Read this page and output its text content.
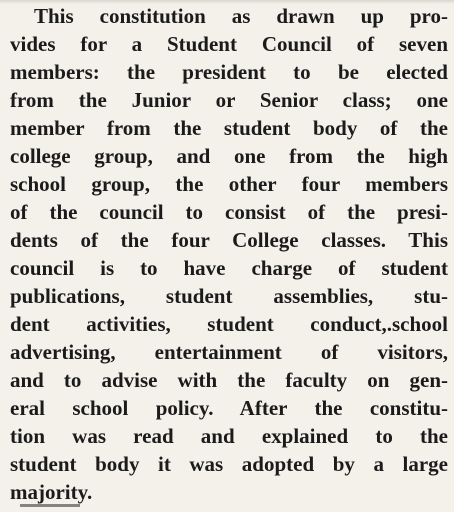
This constitution as drawn up pro-

vides for a Student Council of seven

members: the president to be elected

from the Junior or Senior class; one

member from the student body of the

college group, and one from the high

school group, the other four members

of the council to consist of the presi-

dents of the four College classes. This

council is to have charge of student

publications, student assemblies, stu-

dent activities, student conduct,.school

advertising, entertainment of visitors,

and to advise with the faculty on gen-

eral school policy. After the constitu-

tion was read and explained to the

student body it was adopted by a large

majority.
